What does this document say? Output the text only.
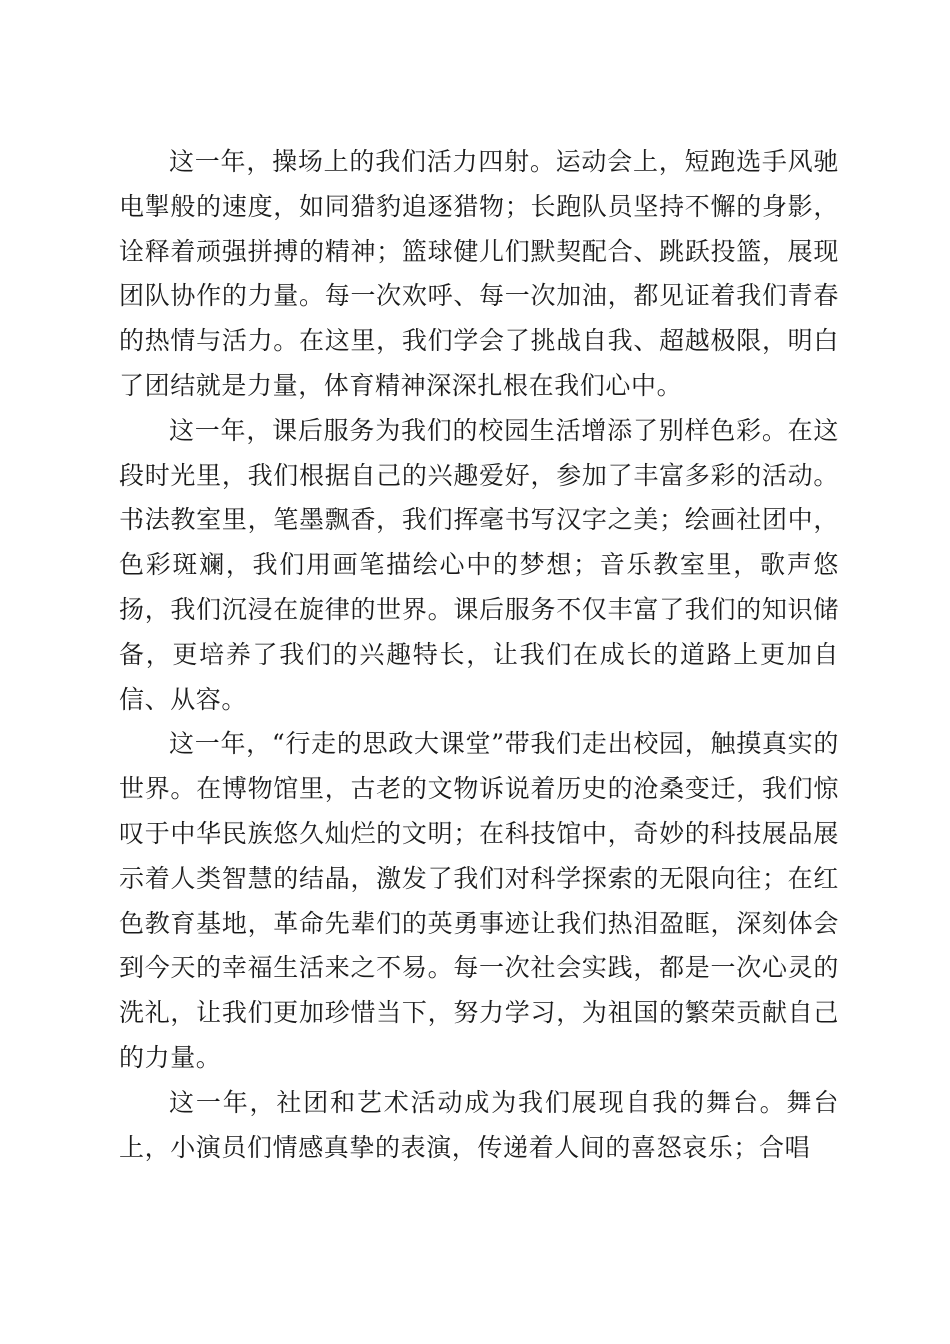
这一年，操场上的我们活力四射。运动会上，短跑选手风驰电掣般的速度，如同猎豹追逐猎物；长跑队员坚持不懈的身影，诠释着顽强拼搏的精神；篮球健儿们默契配合、跳跃投篮，展现团队协作的力量。每一次欢呼、每一次加油，都见证着我们青春的热情与活力。在这里，我们学会了挑战自我、超越极限，明白了团结就是力量，体育精神深深扎根在我们心中。

这一年，课后服务为我们的校园生活增添了别样色彩。在这段时光里，我们根据自己的兴趣爱好，参加了丰富多彩的活动。书法教室里，笔墨飘香，我们挥毫书写汉字之美；绘画社团中，色彩斑斓，我们用画笔描绘心中的梦想；音乐教室里，歌声悠扬，我们沉浸在旋律的世界。课后服务不仅丰富了我们的知识储备，更培养了我们的兴趣特长，让我们在成长的道路上更加自信、从容。

这一年，“行走的思政大课堂”带我们走出校园，触摸真实的世界。在博物馆里，古老的文物诉说着历史的沧桑变迁，我们惊叹于中华民族悠久灿烂的文明；在科技馆中，奇妙的科技展品展示着人类智慧的结晶，激发了我们对科学探索的无限向往；在红色教育基地，革命先辈们的英勇事迹让我们热泪盈眶，深刻体会到今天的幸福生活来之不易。每一次社会实践，都是一次心灵的洗礼，让我们更加珍惜当下，努力学习，为祖国的繁荣贡献自己的力量。

这一年，社团和艺术活动成为我们展现自我的舞台。舞台上，小演员们情感真挚的表演，传递着人间的喜怒哀乐；合唱
